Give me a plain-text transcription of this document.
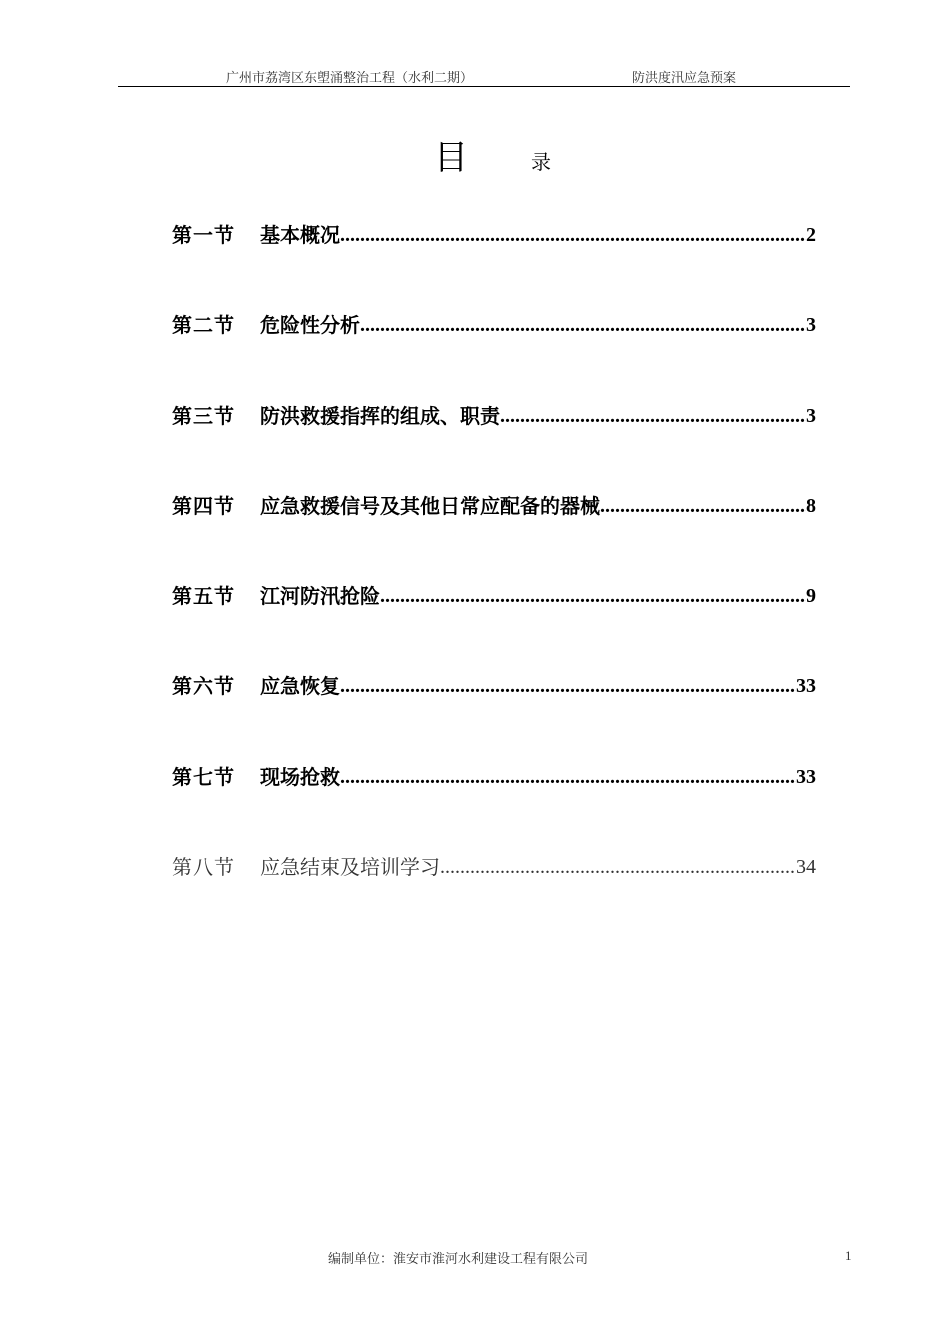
广州市荔湾区东塱涌整治工程（水利二期）	防洪度汛应急预案
目	录
第一节	基本概况 .....	2
第二节	危险性分析 .....	3
第三节	防洪救援指挥的组成、职责 .....	3
第四节	应急救援信号及其他日常应配备的器械 .....	8
第五节	江河防汛抢险 .....	9
第六节	应急恢复 .....	33
第七节	现场抢救 .....	33
第八节	应急结束及培训学习 .....	34
编制单位：淮安市淮河水利建设工程有限公司	1
